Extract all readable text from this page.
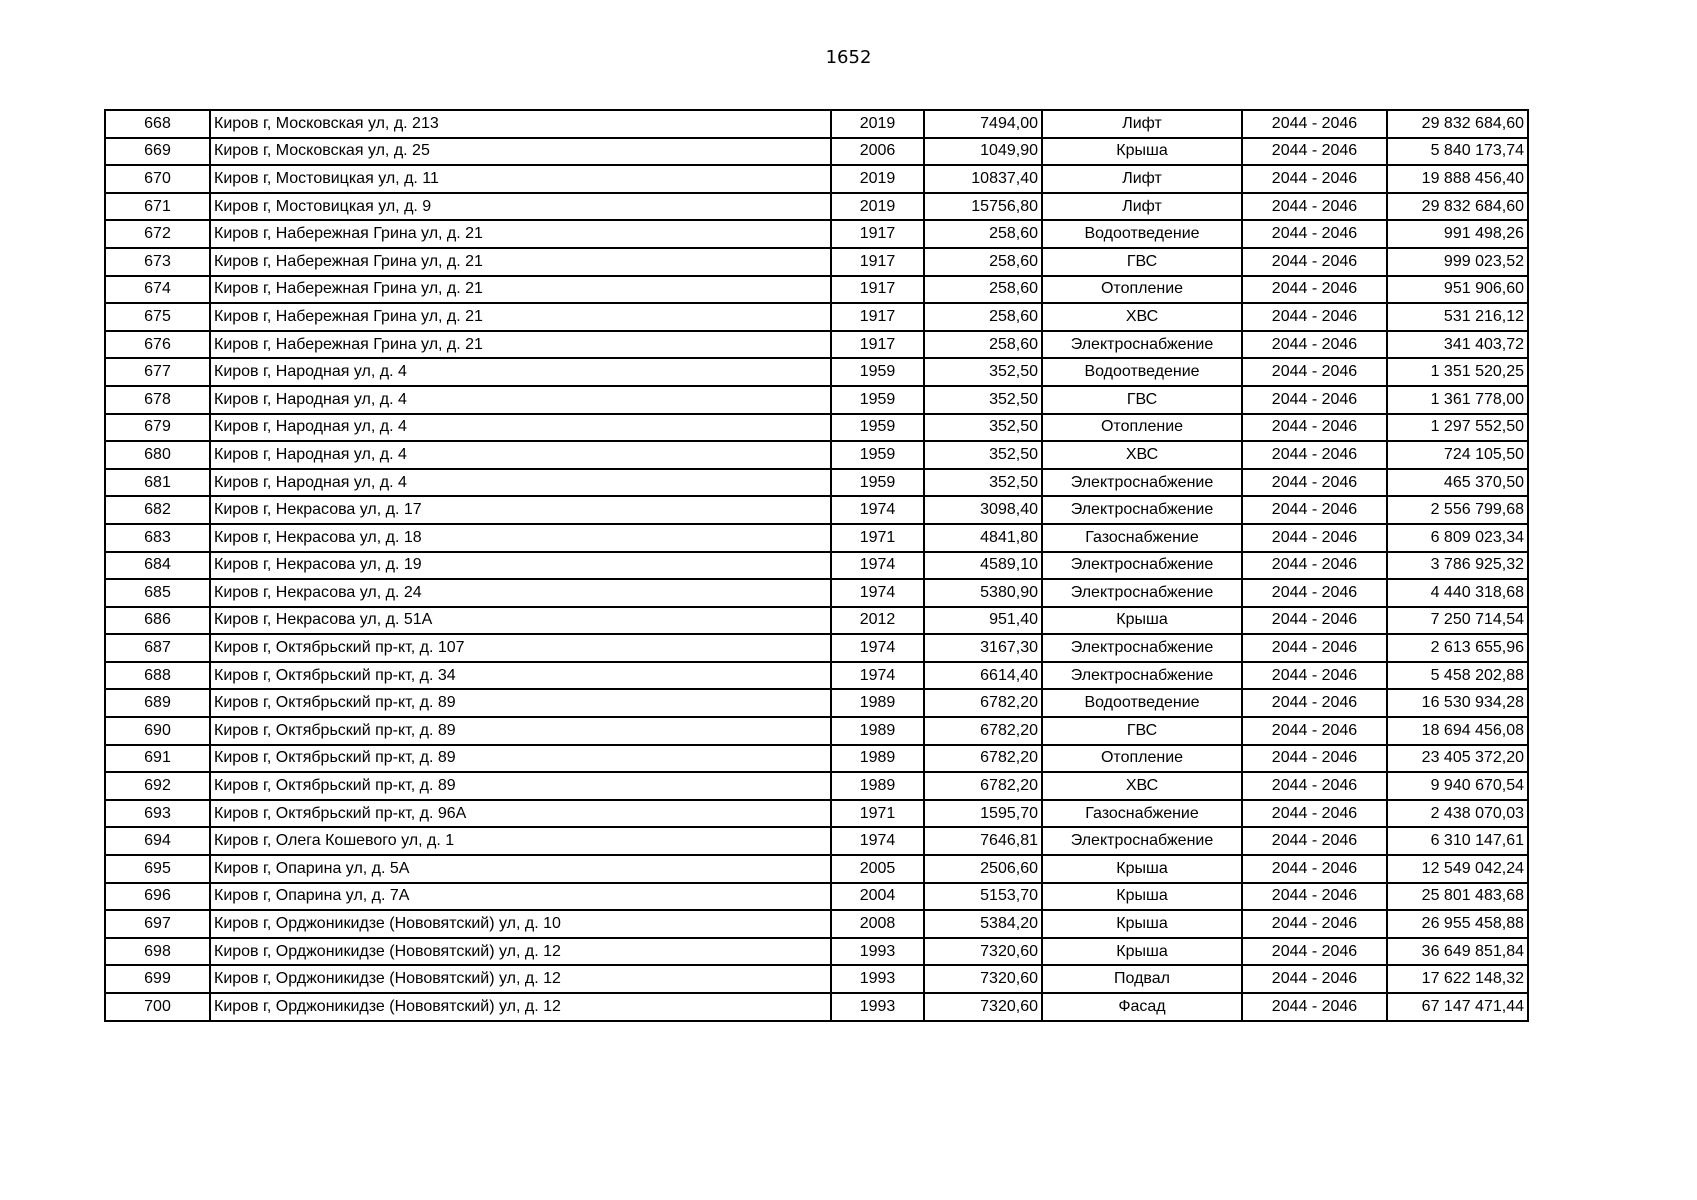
1652
668	Киров г, Московская ул, д. 213	2019	7494,00	Лифт	2044 - 2046	29 832 684,60
669	Киров г, Московская ул, д. 25	2006	1049,90	Крыша	2044 - 2046	5 840 173,74
670	Киров г, Мостовицкая ул, д. 11	2019	10837,40	Лифт	2044 - 2046	19 888 456,40
671	Киров г, Мостовицкая ул, д. 9	2019	15756,80	Лифт	2044 - 2046	29 832 684,60
672	Киров г, Набережная Грина ул, д. 21	1917	258,60	Водоотведение	2044 - 2046	991 498,26
673	Киров г, Набережная Грина ул, д. 21	1917	258,60	ГВС	2044 - 2046	999 023,52
674	Киров г, Набережная Грина ул, д. 21	1917	258,60	Отопление	2044 - 2046	951 906,60
675	Киров г, Набережная Грина ул, д. 21	1917	258,60	ХВС	2044 - 2046	531 216,12
676	Киров г, Набережная Грина ул, д. 21	1917	258,60	Электроснабжение	2044 - 2046	341 403,72
677	Киров г, Народная ул, д. 4	1959	352,50	Водоотведение	2044 - 2046	1 351 520,25
678	Киров г, Народная ул, д. 4	1959	352,50	ГВС	2044 - 2046	1 361 778,00
679	Киров г, Народная ул, д. 4	1959	352,50	Отопление	2044 - 2046	1 297 552,50
680	Киров г, Народная ул, д. 4	1959	352,50	ХВС	2044 - 2046	724 105,50
681	Киров г, Народная ул, д. 4	1959	352,50	Электроснабжение	2044 - 2046	465 370,50
682	Киров г, Некрасова ул, д. 17	1974	3098,40	Электроснабжение	2044 - 2046	2 556 799,68
683	Киров г, Некрасова ул, д. 18	1971	4841,80	Газоснабжение	2044 - 2046	6 809 023,34
684	Киров г, Некрасова ул, д. 19	1974	4589,10	Электроснабжение	2044 - 2046	3 786 925,32
685	Киров г, Некрасова ул, д. 24	1974	5380,90	Электроснабжение	2044 - 2046	4 440 318,68
686	Киров г, Некрасова ул, д. 51А	2012	951,40	Крыша	2044 - 2046	7 250 714,54
687	Киров г, Октябрьский пр-кт, д. 107	1974	3167,30	Электроснабжение	2044 - 2046	2 613 655,96
688	Киров г, Октябрьский пр-кт, д. 34	1974	6614,40	Электроснабжение	2044 - 2046	5 458 202,88
689	Киров г, Октябрьский пр-кт, д. 89	1989	6782,20	Водоотведение	2044 - 2046	16 530 934,28
690	Киров г, Октябрьский пр-кт, д. 89	1989	6782,20	ГВС	2044 - 2046	18 694 456,08
691	Киров г, Октябрьский пр-кт, д. 89	1989	6782,20	Отопление	2044 - 2046	23 405 372,20
692	Киров г, Октябрьский пр-кт, д. 89	1989	6782,20	ХВС	2044 - 2046	9 940 670,54
693	Киров г, Октябрьский пр-кт, д. 96А	1971	1595,70	Газоснабжение	2044 - 2046	2 438 070,03
694	Киров г, Олега Кошевого ул, д. 1	1974	7646,81	Электроснабжение	2044 - 2046	6 310 147,61
695	Киров г, Опарина ул, д. 5А	2005	2506,60	Крыша	2044 - 2046	12 549 042,24
696	Киров г, Опарина ул, д. 7А	2004	5153,70	Крыша	2044 - 2046	25 801 483,68
697	Киров г, Орджоникидзе (Нововятский) ул, д. 10	2008	5384,20	Крыша	2044 - 2046	26 955 458,88
698	Киров г, Орджоникидзе (Нововятский) ул, д. 12	1993	7320,60	Крыша	2044 - 2046	36 649 851,84
699	Киров г, Орджоникидзе (Нововятский) ул, д. 12	1993	7320,60	Подвал	2044 - 2046	17 622 148,32
700	Киров г, Орджоникидзе (Нововятский) ул, д. 12	1993	7320,60	Фасад	2044 - 2046	67 147 471,44
